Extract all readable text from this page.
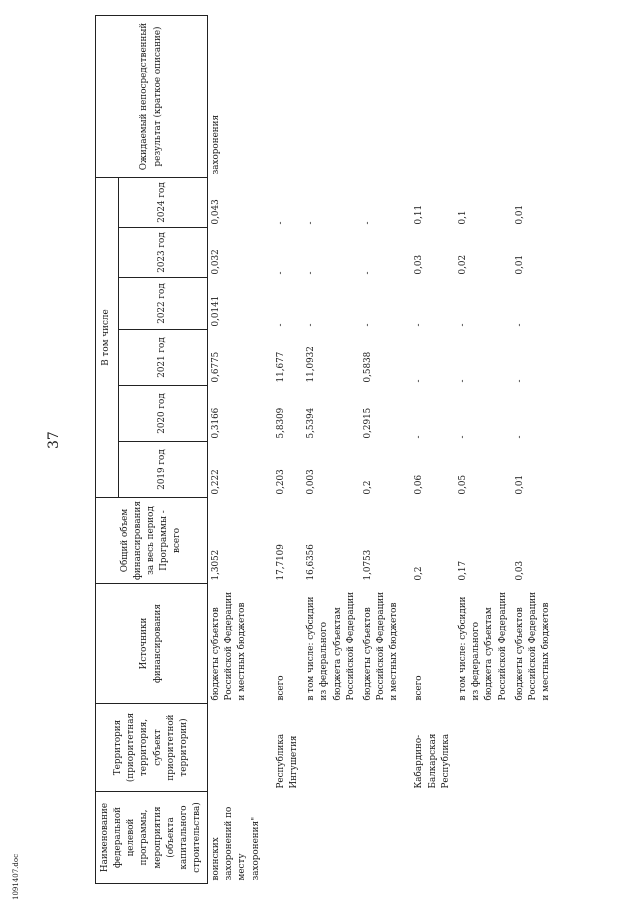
37
1091407.doc
Наименование федеральной целевой программы, мероприятия (объекта капитального строительства)	Территория (приоритетная территория, субъект приоритетной территории)	Источники финансирования	Общий объем финансирования за весь период Программы - всего	В том числе						Ожидаемый непосредственный результат (краткое описание)
				2019 год	2020 год	2021 год	2022 год	2023 год	2024 год	
воинских захоронений по месту захоронения"		бюджеты субъектов Российской Федерации и местных бюджетов	1,3052	0,222	0,3166	0,6775	0,0141	0,032	0,043	захоронения
	Республика Ингушетия	всего	17,7109	0,203	5,8309	11,677	-	-	-	
		в том числе: субсидии из федерального бюджета субъектам Российской Федерации	16,6356	0,003	5,5394	11,0932	-	-	-	
		бюджеты субъектов Российской Федерации и местных бюджетов	1,0753	0,2	0,2915	0,5838	-	-	-	
	Кабардино-Балкарская Республика	всего	0,2	0,06	-	-	-	0,03	0,11	
		в том числе: субсидии из федерального бюджета субъектам Российской Федерации	0,17	0,05	-	-	-	0,02	0,1	
		бюджеты субъектов Российской Федерации и местных бюджетов	0,03	0,01	-	-	-	0,01	0,01	
